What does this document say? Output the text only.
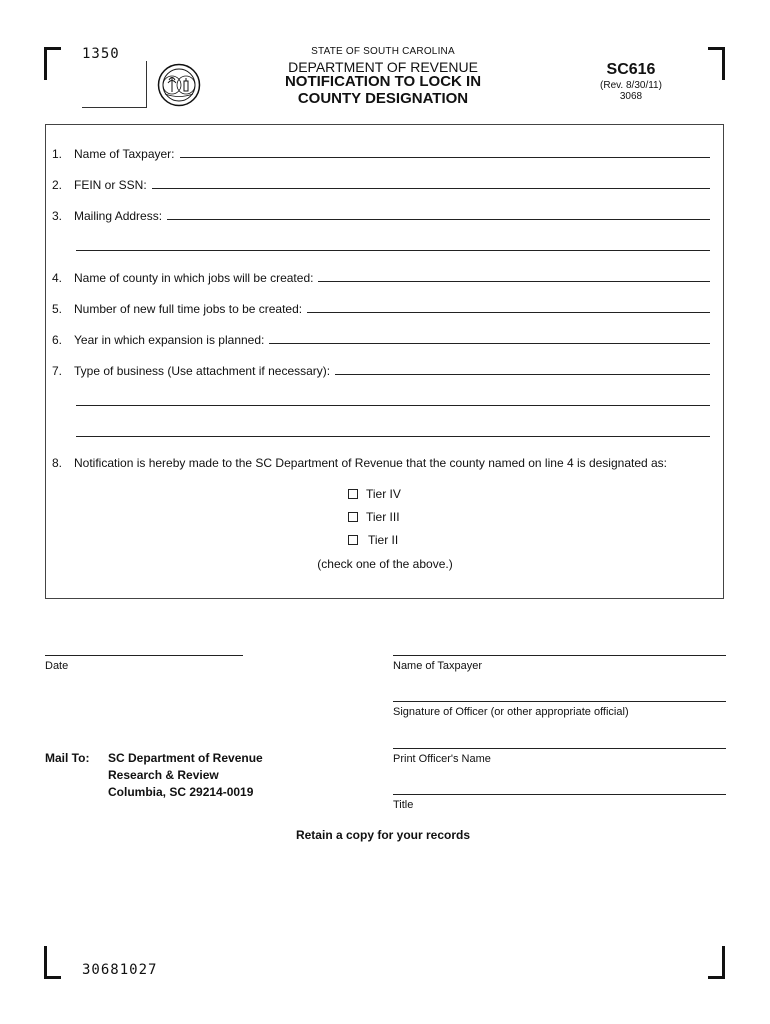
1350	STATE OF SOUTH CAROLINA
DEPARTMENT OF REVENUE
NOTIFICATION TO LOCK IN
COUNTY DESIGNATION
SC616
(Rev. 8/30/11)
3068
1. Name of Taxpayer:
2. FEIN or SSN:
3. Mailing Address:
4. Name of county in which jobs will be created:
5. Number of new full time jobs to be created:
6. Year in which expansion is planned:
7. Type of business (Use attachment if necessary):
8. Notification is hereby made to the SC Department of Revenue that the county named on line 4 is designated as:
Tier IV
Tier III
Tier II
(check one of the above.)
Date	Name of Taxpayer
Signature of Officer (or other appropriate official)
Print Officer's Name
Title
Mail To: SC Department of Revenue
Research & Review
Columbia, SC 29214-0019
Retain a copy for your records
30681027
